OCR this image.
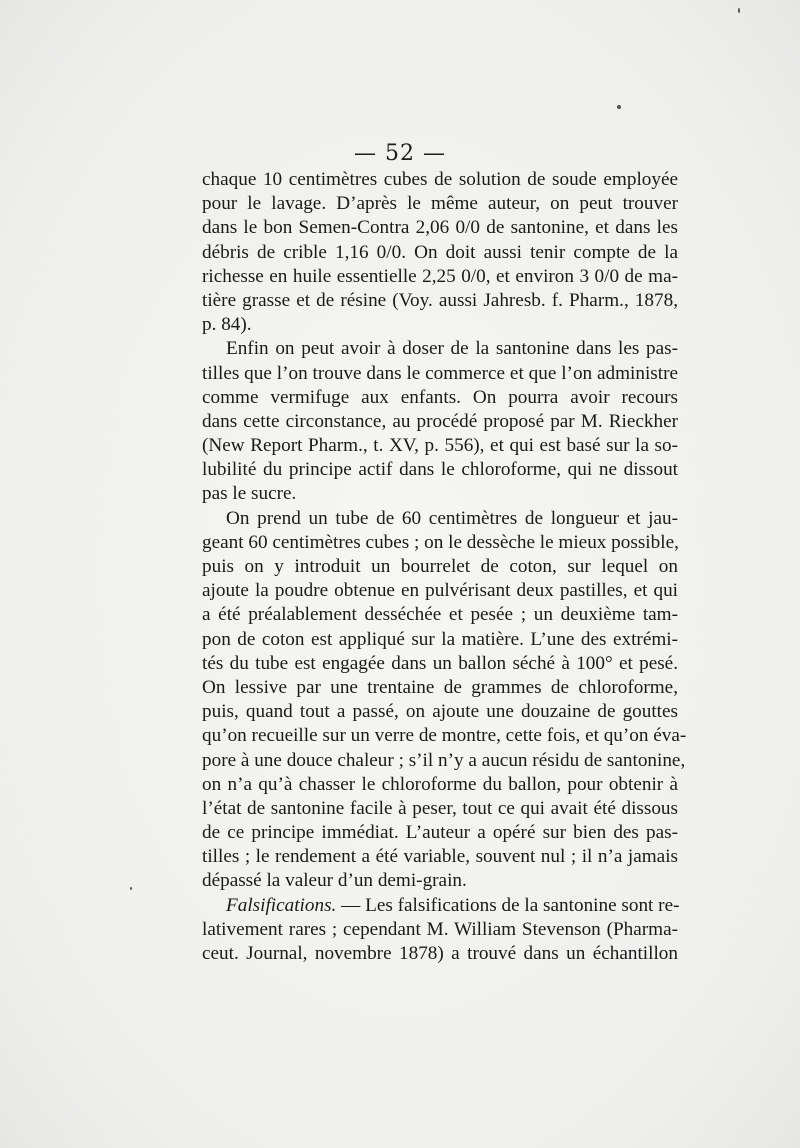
— 52 —
chaque 10 centimètres cubes de solution de soude employée
pour le lavage. D’après le même auteur, on peut trouver
dans le bon Semen-Contra 2,06 0/0 de santonine, et dans les
débris de crible 1,16 0/0. On doit aussi tenir compte de la
richesse en huile essentielle 2,25 0/0, et environ 3 0/0 de ma-
tière grasse et de résine (Voy. aussi Jahresb. f. Pharm., 1878,
p. 84).
Enfin on peut avoir à doser de la santonine dans les pas-
tilles que l’on trouve dans le commerce et que l’on administre
comme vermifuge aux enfants. On pourra avoir recours
dans cette circonstance, au procédé proposé par M. Rieckher
(New Report Pharm., t. XV, p. 556), et qui est basé sur la so-
lubilité du principe actif dans le chloroforme, qui ne dissout
pas le sucre.
On prend un tube de 60 centimètres de longueur et jau-
geant 60 centimètres cubes ; on le dessèche le mieux possible,
puis on y introduit un bourrelet de coton, sur lequel on
ajoute la poudre obtenue en pulvérisant deux pastilles, et qui
a été préalablement desséchée et pesée ; un deuxième tam-
pon de coton est appliqué sur la matière. L’une des extrémi-
tés du tube est engagée dans un ballon séché à 100° et pesé.
On lessive par une trentaine de grammes de chloroforme,
puis, quand tout a passé, on ajoute une douzaine de gouttes
qu’on recueille sur un verre de montre, cette fois, et qu’on éva-
pore à une douce chaleur ; s’il n’y a aucun résidu de santonine,
on n’a qu’à chasser le chloroforme du ballon, pour obtenir à
l’état de santonine facile à peser, tout ce qui avait été dissous
de ce principe immédiat. L’auteur a opéré sur bien des pas-
tilles ; le rendement a été variable, souvent nul ; il n’a jamais
dépassé la valeur d’un demi-grain.
Falsifications. — Les falsifications de la santonine sont re-
lativement rares ; cependant M. William Stevenson (Pharma-
ceut. Journal, novembre 1878) a trouvé dans un échantillon
